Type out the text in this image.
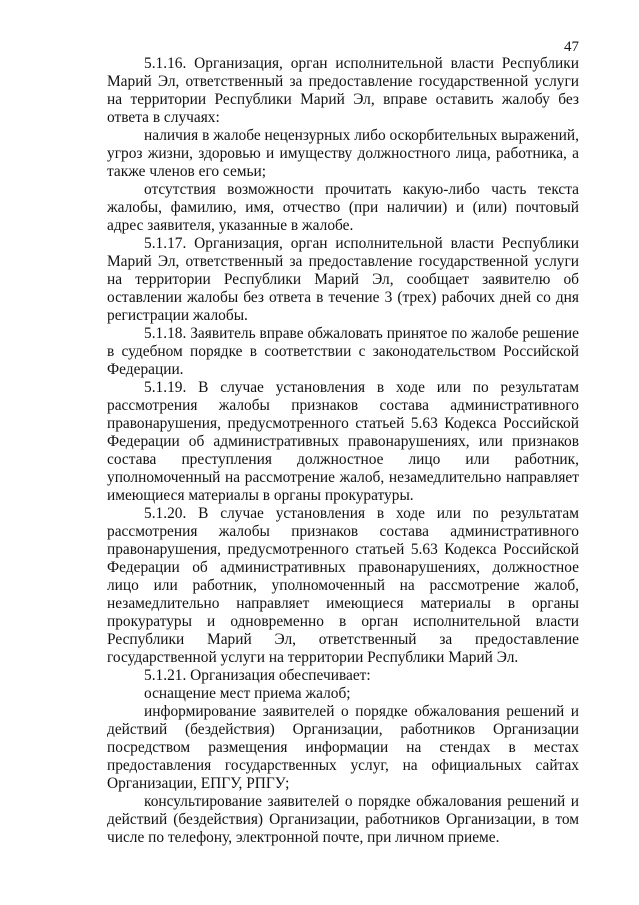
47

5.1.16. Организация, орган исполнительной власти Республики Марий Эл, ответственный за предоставление государственной услуги на территории Республики Марий Эл, вправе оставить жалобу без ответа в случаях:

наличия в жалобе нецензурных либо оскорбительных выражений, угроз жизни, здоровью и имуществу должностного лица, работника, а также членов его семьи;

отсутствия возможности прочитать какую-либо часть текста жалобы, фамилию, имя, отчество (при наличии) и (или) почтовый адрес заявителя, указанные в жалобе.

5.1.17. Организация, орган исполнительной власти Республики Марий Эл, ответственный за предоставление государственной услуги на территории Республики Марий Эл, сообщает заявителю об оставлении жалобы без ответа в течение 3 (трех) рабочих дней со дня регистрации жалобы.

5.1.18. Заявитель вправе обжаловать принятое по жалобе решение в судебном порядке в соответствии с законодательством Российской Федерации.

5.1.19. В случае установления в ходе или по результатам рассмотрения жалобы признаков состава административного правонарушения, предусмотренного статьей 5.63 Кодекса Российской Федерации об административных правонарушениях, или признаков состава преступления должностное лицо или работник, уполномоченный на рассмотрение жалоб, незамедлительно направляет имеющиеся материалы в органы прокуратуры.

5.1.20. В случае установления в ходе или по результатам рассмотрения жалобы признаков состава административного правонарушения, предусмотренного статьей 5.63 Кодекса Российской Федерации об административных правонарушениях, должностное лицо или работник, уполномоченный на рассмотрение жалоб, незамедлительно направляет имеющиеся материалы в органы прокуратуры и одновременно в орган исполнительной власти Республики Марий Эл, ответственный за предоставление государственной услуги на территории Республики Марий Эл.

5.1.21. Организация обеспечивает:

оснащение мест приема жалоб;

информирование заявителей о порядке обжалования решений и действий (бездействия) Организации, работников Организации посредством размещения информации на стендах в местах предоставления государственных услуг, на официальных сайтах Организации, ЕПГУ, РПГУ;

консультирование заявителей о порядке обжалования решений и действий (бездействия) Организации, работников Организации, в том числе по телефону, электронной почте, при личном приеме.
